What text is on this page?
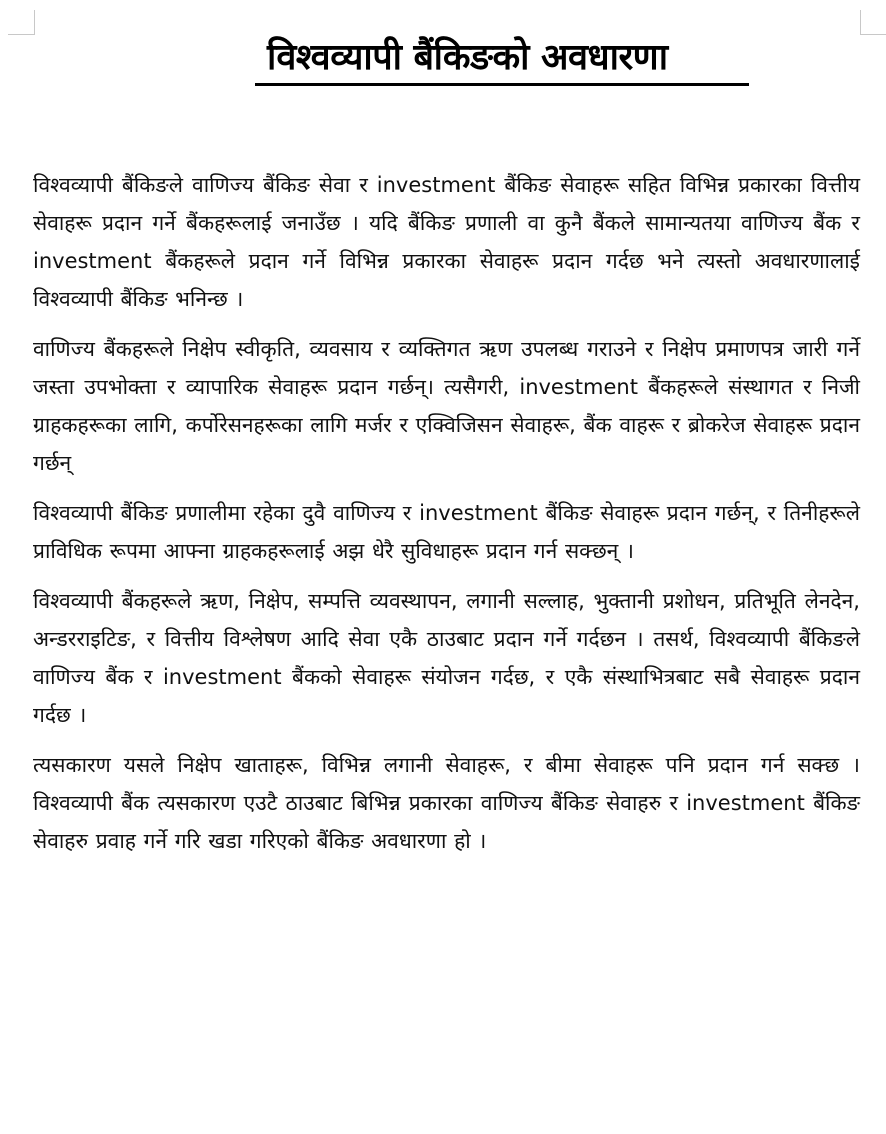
विश्वव्यापी बैंकिङको अवधारणा

विश्वव्यापी बैंकिङले वाणिज्य बैंकिङ सेवा र investment बैंकिङ सेवाहरू सहित विभिन्न प्रकारका वित्तीय सेवाहरू प्रदान गर्ने बैंकहरूलाई जनाउँछ । यदि बैंकिङ प्रणाली वा कुनै बैंकले सामान्यतया वाणिज्य बैंक र investment बैंकहरूले प्रदान गर्ने विभिन्न प्रकारका सेवाहरू प्रदान गर्दछ भने त्यस्तो अवधारणालाई विश्वव्यापी बैंकिङ भनिन्छ ।

वाणिज्य बैंकहरूले निक्षेप स्वीकृति, व्यवसाय र व्यक्तिगत ऋण उपलब्ध गराउने र निक्षेप प्रमाणपत्र जारी गर्ने जस्ता उपभोक्ता र व्यापारिक सेवाहरू प्रदान गर्छन्। त्यसैगरी, investment बैंकहरूले संस्थागत र निजी ग्राहकहरूका लागि, कर्पोरेसनहरूका लागि मर्जर र एक्विजिसन सेवाहरू, बैंक वाहरू र ब्रोकरेज सेवाहरू प्रदान गर्छन्

विश्वव्यापी बैंकिङ प्रणालीमा रहेका दुवै वाणिज्य र investment बैंकिङ सेवाहरू प्रदान गर्छन्, र तिनीहरूले प्राविधिक रूपमा आफ्ना ग्राहकहरूलाई अझ धेरै सुविधाहरू प्रदान गर्न सक्छन् ।

विश्वव्यापी बैंकहरूले ऋण, निक्षेप, सम्पत्ति व्यवस्थापन, लगानी सल्लाह, भुक्तानी प्रशोधन, प्रतिभूति लेनदेन, अन्डरराइटिङ, र वित्तीय विश्लेषण आदि सेवा एकै ठाउबाट प्रदान गर्ने गर्दछन । तसर्थ, विश्वव्यापी बैंकिङले वाणिज्य बैंक र investment बैंकको सेवाहरू संयोजन गर्दछ, र एकै संस्थाभित्रबाट सबै सेवाहरू प्रदान गर्दछ ।

त्यसकारण यसले निक्षेप खाताहरू, विभिन्न लगानी सेवाहरू, र बीमा सेवाहरू पनि प्रदान गर्न सक्छ । विश्वव्यापी बैंक त्यसकारण एउटै ठाउबाट बिभिन्न प्रकारका वाणिज्य बैंकिङ सेवाहरु र investment बैंकिङ सेवाहरु प्रवाह गर्ने गरि खडा गरिएको बैंकिङ अवधारणा हो ।
